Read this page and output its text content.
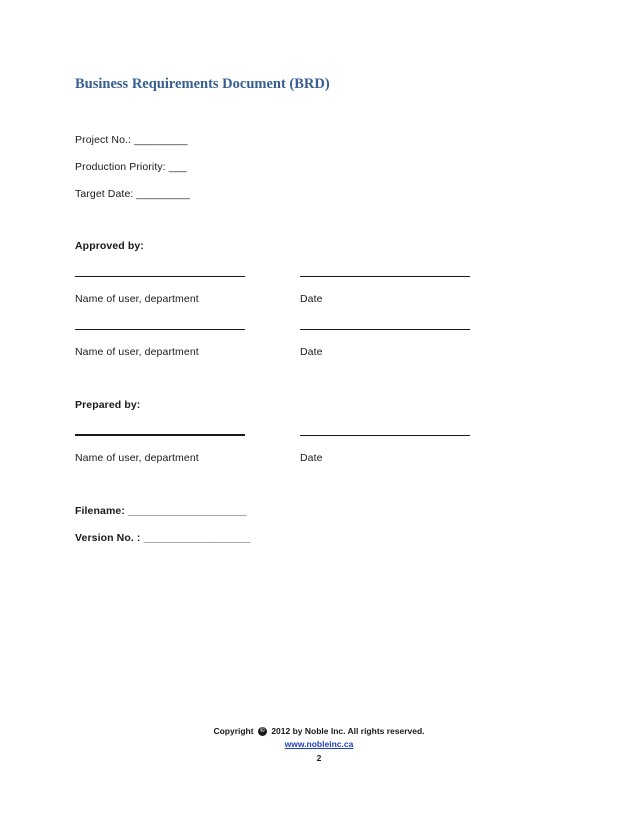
Business Requirements Document (BRD)
Project No.: _________
Production Priority: ___
Target Date: _________
Approved by:
Name of user, department	Date
Name of user, department	Date
Prepared by:
Name of user, department	Date
Filename: ____________________
Version No. : __________________
Copyright © 2012 by Noble Inc. All rights reserved.
www.nobleinc.ca
2
